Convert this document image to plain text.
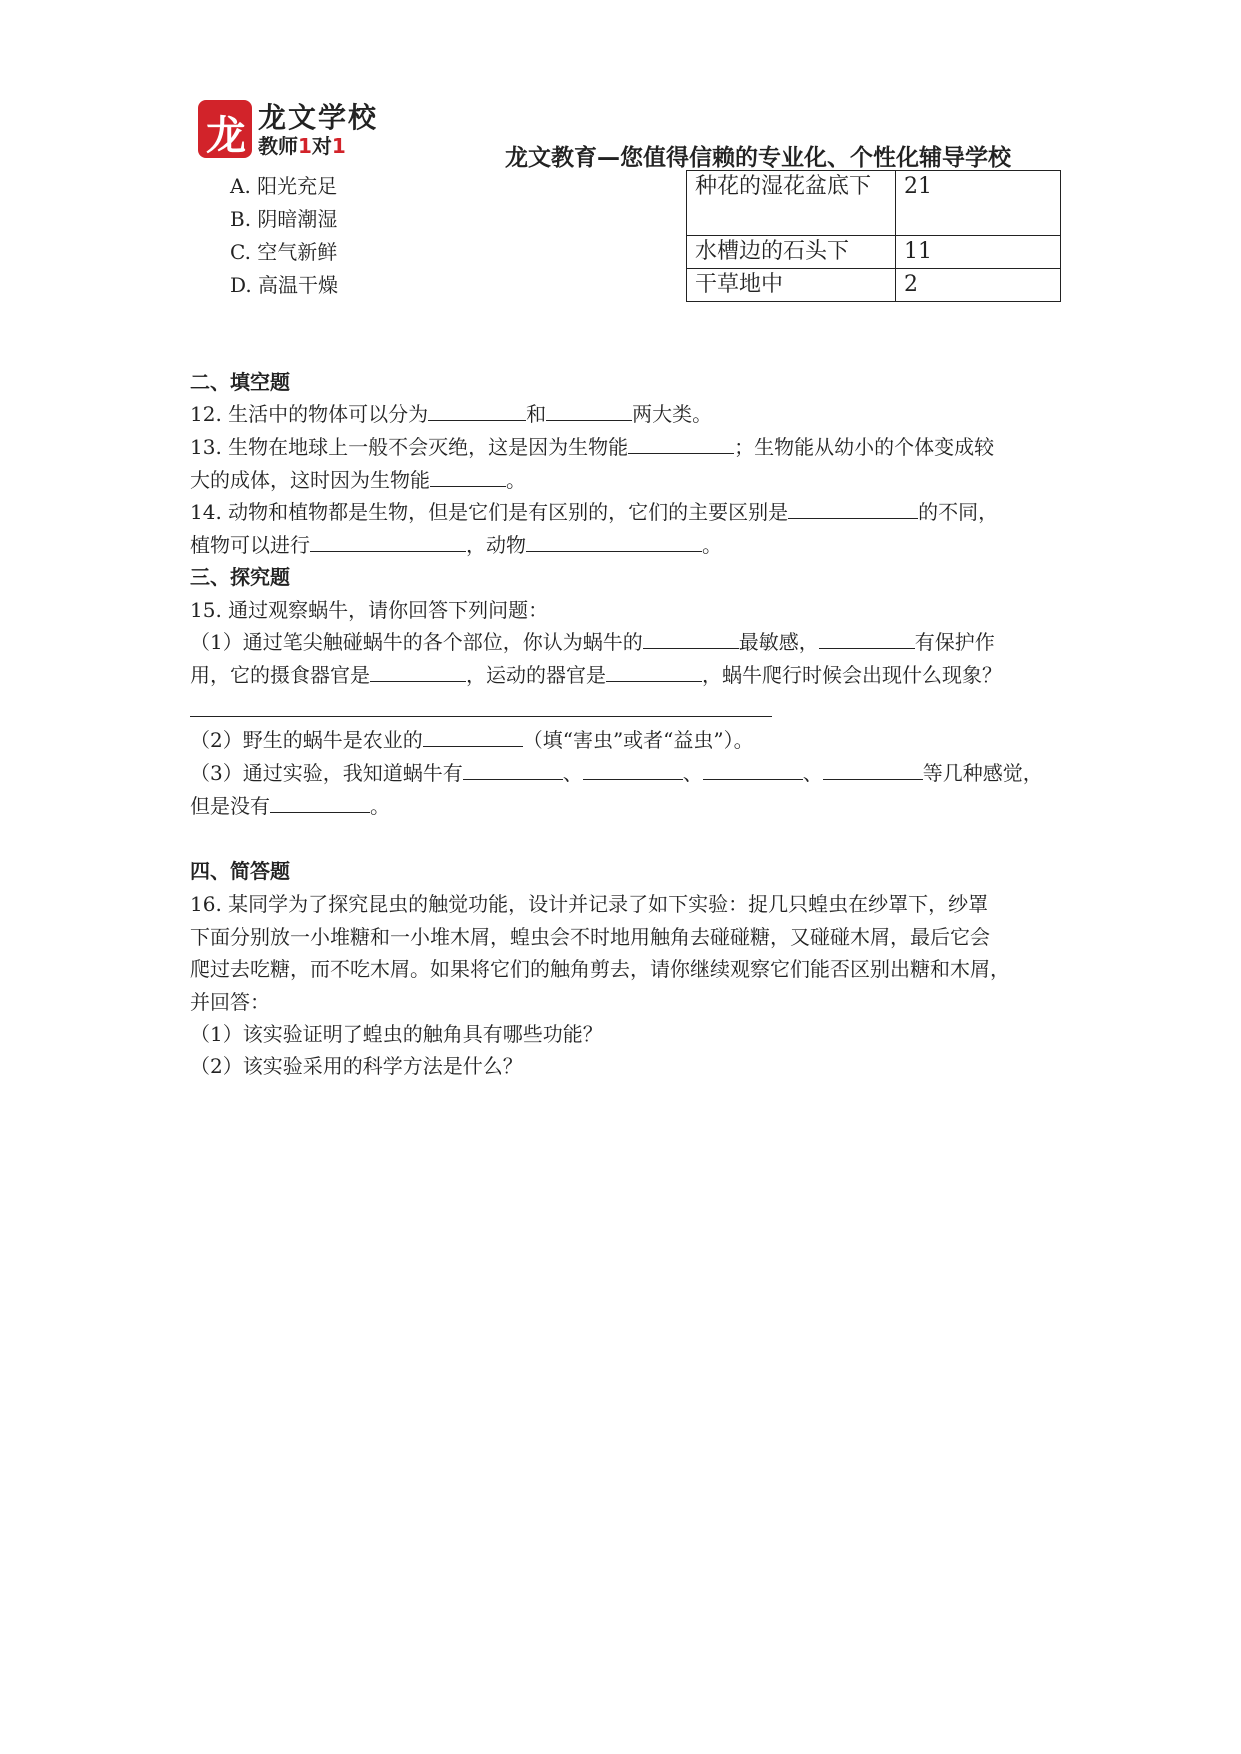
龙 龙文学校
教师1对1	龙文教育—您值得信赖的专业化、个性化辅导学校
A. 阳光充足
B. 阴暗潮湿
C. 空气新鲜
D. 高温干燥
种花的湿花盆底下	21
水槽边的石头下	11
干草地中	2
二、填空题
12. 生活中的物体可以分为	和	两大类。
13. 生物在地球上一般不会灭绝，这是因为生物能	；生物能从幼小的个体变成较
大的成体，这时因为生物能	。
14. 动物和植物都是生物，但是它们是有区别的，它们的主要区别是	的不同，
植物可以进行	，动物	。
三、探究题
15. 通过观察蜗牛，请你回答下列问题：
（1）通过笔尖触碰蜗牛的各个部位，你认为蜗牛的	最敏感，	有保护作
用，它的摄食器官是	，运动的器官是	，蜗牛爬行时候会出现什么现象？
（2）野生的蜗牛是农业的	（填“害虫”或者“益虫”）。
（3）通过实验，我知道蜗牛有	、	、	、	等几种感觉，
但是没有	。
四、简答题
16. 某同学为了探究昆虫的触觉功能，设计并记录了如下实验：捉几只蝗虫在纱罩下，纱罩
下面分别放一小堆糖和一小堆木屑，蝗虫会不时地用触角去碰碰糖，又碰碰木屑，最后它会
爬过去吃糖，而不吃木屑。如果将它们的触角剪去，请你继续观察它们能否区别出糖和木屑，
并回答：
（1）该实验证明了蝗虫的触角具有哪些功能？
（2）该实验采用的科学方法是什么？
